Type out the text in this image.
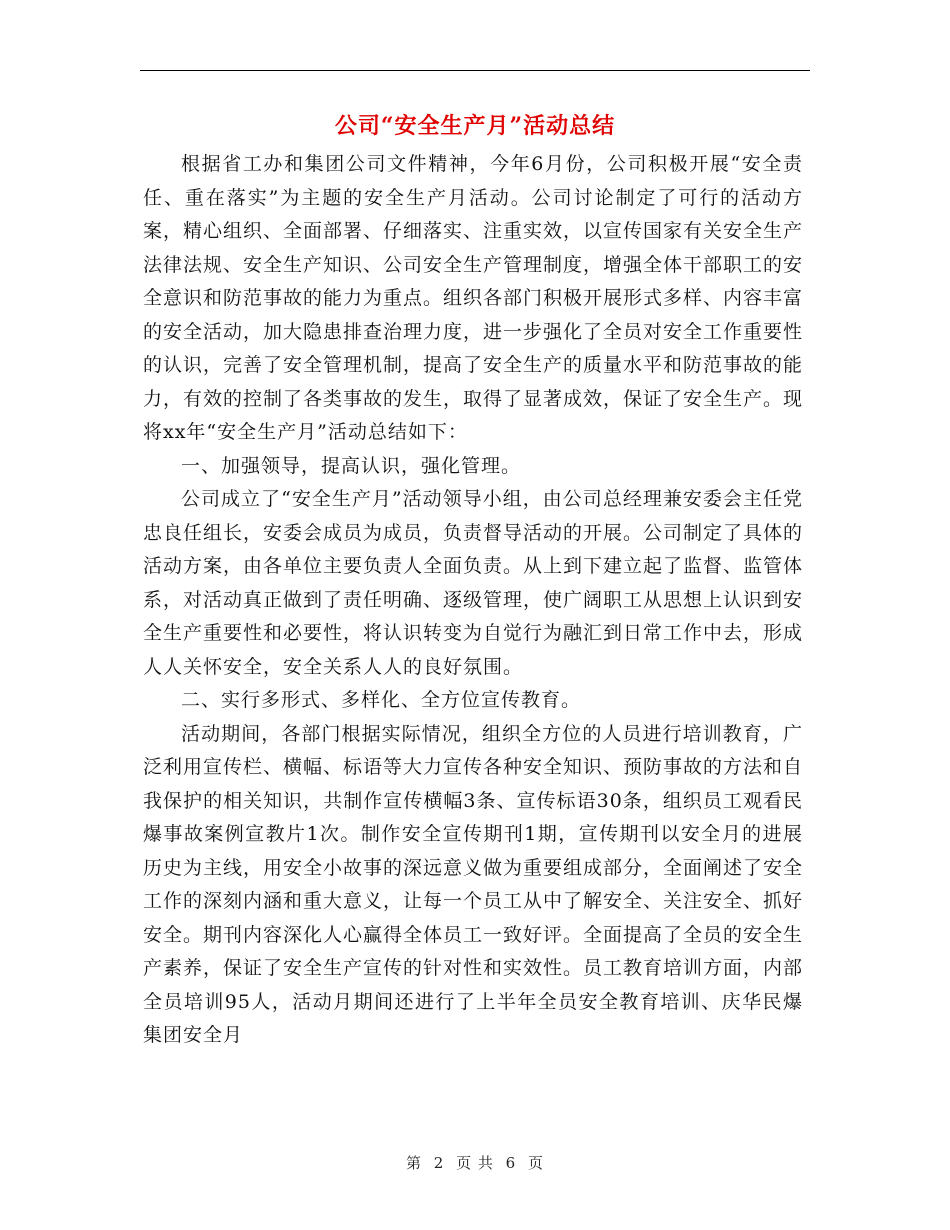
公司“安全生产月”活动总结

根据省工办和集团公司文件精神，今年6月份，公司积极开展“安全责任、重在落实”为主题的安全生产月活动。公司讨论制定了可行的活动方案，精心组织、全面部署、仔细落实、注重实效，以宣传国家有关安全生产法律法规、安全生产知识、公司安全生产管理制度，增强全体干部职工的安全意识和防范事故的能力为重点。组织各部门积极开展形式多样、内容丰富的安全活动，加大隐患排查治理力度，进一步强化了全员对安全工作重要性的认识，完善了安全管理机制，提高了安全生产的质量水平和防范事故的能力，有效的控制了各类事故的发生，取得了显著成效，保证了安全生产。现将xx年“安全生产月”活动总结如下：

一、加强领导，提高认识，强化管理。

公司成立了“安全生产月”活动领导小组，由公司总经理兼安委会主任党忠良任组长，安委会成员为成员，负责督导活动的开展。公司制定了具体的活动方案，由各单位主要负责人全面负责。从上到下建立起了监督、监管体系，对活动真正做到了责任明确、逐级管理，使广阔职工从思想上认识到安全生产重要性和必要性，将认识转变为自觉行为融汇到日常工作中去，形成人人关怀安全，安全关系人人的良好氛围。

二、实行多形式、多样化、全方位宣传教育。

活动期间，各部门根据实际情况，组织全方位的人员进行培训教育，广泛利用宣传栏、横幅、标语等大力宣传各种安全知识、预防事故的方法和自我保护的相关知识，共制作宣传横幅3条、宣传标语30条，组织员工观看民爆事故案例宣教片1次。制作安全宣传期刊1期，宣传期刊以安全月的进展历史为主线，用安全小故事的深远意义做为重要组成部分，全面阐述了安全工作的深刻内涵和重大意义，让每一个员工从中了解安全、关注安全、抓好安全。期刊内容深化人心赢得全体员工一致好评。全面提高了全员的安全生产素养，保证了安全生产宣传的针对性和实效性。员工教育培训方面，内部全员培训95人，活动月期间还进行了上半年全员安全教育培训、庆华民爆集团安全月

第 2 页 共 6 页
